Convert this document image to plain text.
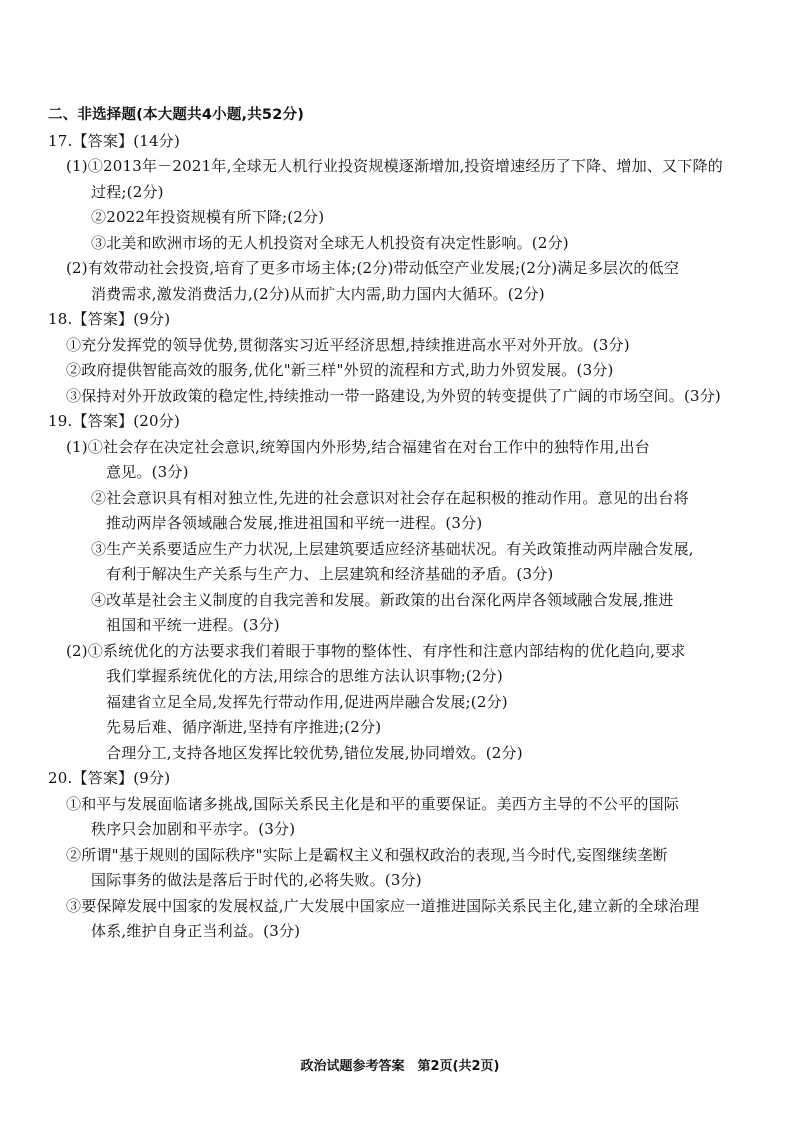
二、非选择题(本大题共4小题,共52分)
17.【答案】(14分)
(1)①2013年－2021年,全球无人机行业投资规模逐渐增加,投资增速经历了下降、增加、又下降的
过程;(2分)
②2022年投资规模有所下降;(2分)
③北美和欧洲市场的无人机投资对全球无人机投资有决定性影响。(2分)
(2)有效带动社会投资,培育了更多市场主体;(2分)带动低空产业发展;(2分)满足多层次的低空
消费需求,激发消费活力,(2分)从而扩大内需,助力国内大循环。(2分)
18.【答案】(9分)
①充分发挥党的领导优势,贯彻落实习近平经济思想,持续推进高水平对外开放。(3分)
②政府提供智能高效的服务,优化"新三样"外贸的流程和方式,助力外贸发展。(3分)
③保持对外开放政策的稳定性,持续推动一带一路建设,为外贸的转变提供了广阔的市场空间。(3分)
19.【答案】(20分)
(1)①社会存在决定社会意识,统筹国内外形势,结合福建省在对台工作中的独特作用,出台
意见。(3分)
②社会意识具有相对独立性,先进的社会意识对社会存在起积极的推动作用。意见的出台将
推动两岸各领域融合发展,推进祖国和平统一进程。(3分)
③生产关系要适应生产力状况,上层建筑要适应经济基础状况。有关政策推动两岸融合发展,
有利于解决生产关系与生产力、上层建筑和经济基础的矛盾。(3分)
④改革是社会主义制度的自我完善和发展。新政策的出台深化两岸各领域融合发展,推进
祖国和平统一进程。(3分)
(2)①系统优化的方法要求我们着眼于事物的整体性、有序性和注意内部结构的优化趋向,要求
我们掌握系统优化的方法,用综合的思维方法认识事物;(2分)
福建省立足全局,发挥先行带动作用,促进两岸融合发展;(2分)
先易后难、循序渐进,坚持有序推进;(2分)
合理分工,支持各地区发挥比较优势,错位发展,协同增效。(2分)
20.【答案】(9分)
①和平与发展面临诸多挑战,国际关系民主化是和平的重要保证。美西方主导的不公平的国际
秩序只会加剧和平赤字。(3分)
②所谓"基于规则的国际秩序"实际上是霸权主义和强权政治的表现,当今时代,妄图继续垄断
国际事务的做法是落后于时代的,必将失败。(3分)
③要保障发展中国家的发展权益,广大发展中国家应一道推进国际关系民主化,建立新的全球治理
体系,维护自身正当利益。(3分)
政治试题参考答案　第2页(共2页)
